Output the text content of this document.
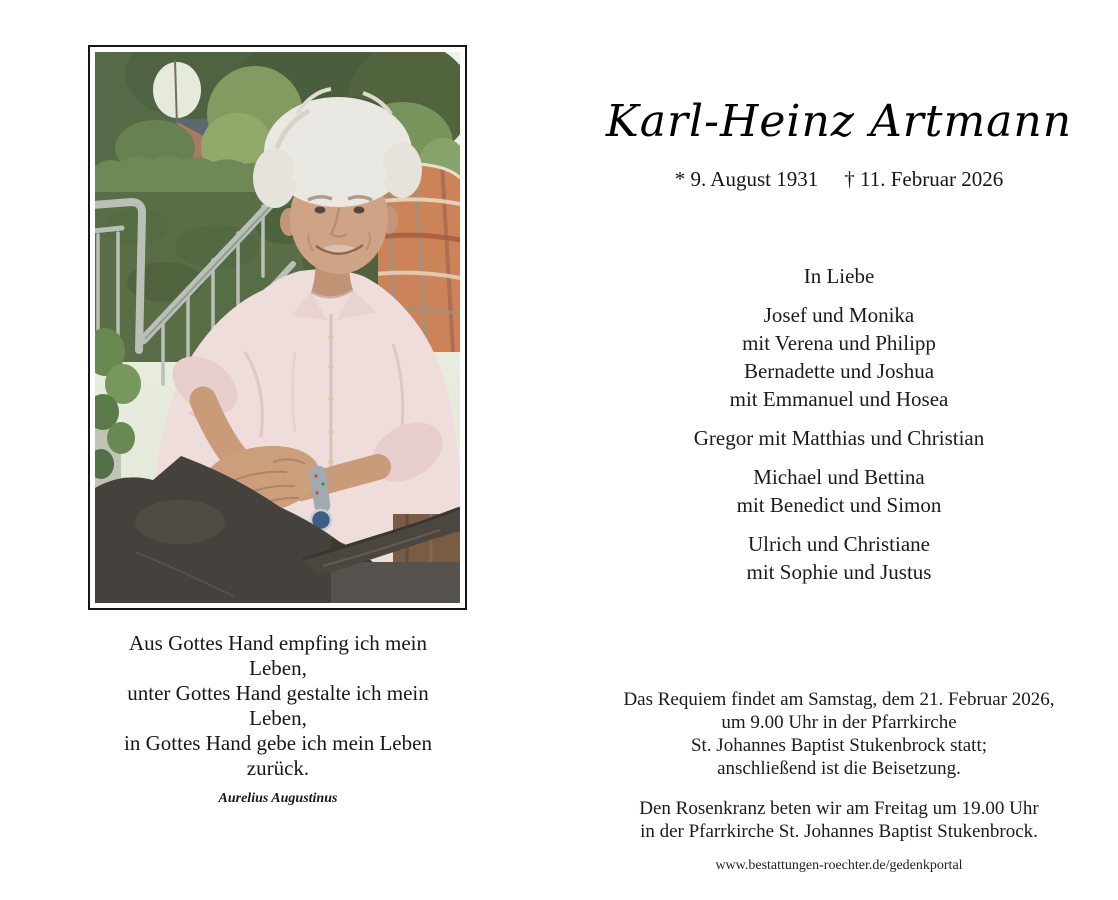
Aus Gottes Hand empfing ich mein
Leben,
unter Gottes Hand gestalte ich mein
Leben,
in Gottes Hand gebe ich mein Leben
zurück.
Aurelius Augustinus
Karl-Heinz Artmann
* 9. August 1931 † 11. Februar 2026
In Liebe
Josef und Monika
mit Verena und Philipp
Bernadette und Joshua
mit Emmanuel und Hosea
Gregor mit Matthias und Christian
Michael und Bettina
mit Benedict und Simon
Ulrich und Christiane
mit Sophie und Justus
Das Requiem findet am Samstag, dem 21. Februar 2026,
um 9.00 Uhr in der Pfarrkirche
St. Johannes Baptist Stukenbrock statt;
anschließend ist die Beisetzung.
Den Rosenkranz beten wir am Freitag um 19.00 Uhr
in der Pfarrkirche St. Johannes Baptist Stukenbrock.
www.bestattungen-roechter.de/gedenkportal
